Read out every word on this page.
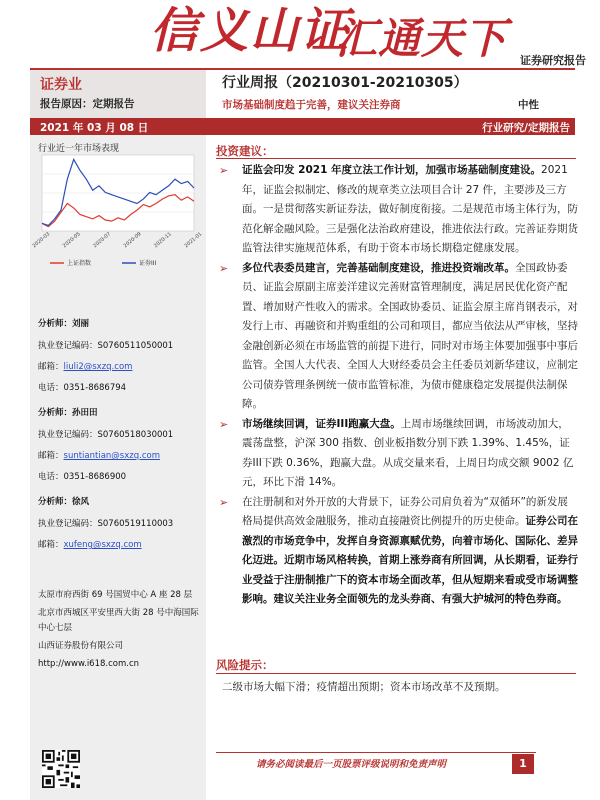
信义山证
汇通天下 证券研究报告
证券业
报告原因：定期报告
行业周报（20210301-20210305）
市场基础制度趋于完善，建议关注券商	中性
2021 年 03 月 08 日	行业研究/定期报告
行业近一年市场表现
2020-03 2020-05 2020-07 2020-09 2020-11 2021-01
上证指数	证券III
分析师：刘丽
执业登记编码：S0760511050001
邮箱：liuli2@sxzq.com
电话：0351-8686794
分析师：孙田田
执业登记编码：S0760518030001
邮箱：suntiantian@sxzq.com
电话：0351-8686900
分析师：徐风
执业登记编码：S0760519110003
邮箱：xufeng@sxzq.com

太原市府西街 69 号国贸中心 A 座 28 层

北京市西城区平安里西大街 28 号中海国际中心七层

山西证券股份有限公司

http://www.i618.com.cn

投资建议：
➢ 证监会印发 2021 年度立法工作计划，加强市场基础制度建设。2021 年，证监会拟制定、修改的规章类立法项目合计 27 件，主要涉及三方面。一是贯彻落实新证券法，做好制度衔接。二是规范市场主体行为，防范化解金融风险。三是强化法治政府建设，推进依法行政。完善证券期货监管法律实施规范体系，有助于资本市场长期稳定健康发展。
➢ 多位代表委员建言，完善基础制度建设，推进投资端改革。全国政协委员、证监会原副主席姜洋建议完善财富管理制度，满足居民优化资产配置、增加财产性收入的需求。全国政协委员、证监会原主席肖钢表示，对发行上市、再融资和并购重组的公司和项目，都应当依法从严审核，坚持金融创新必须在市场监管的前提下进行，同时对市场主体要加强事中事后监管。全国人大代表、全国人大财经委员会主任委员刘新华建议，应制定公司债券管理条例统一债市监管标准，为债市健康稳定发展提供法制保障。
➢ 市场继续回调，证券III跑赢大盘。上周市场继续回调，市场波动加大，震荡盘整，沪深 300 指数、创业板指数分别下跌 1.39%、1.45%，证券III下跌 0.36%，跑赢大盘。从成交量来看，上周日均成交额 9002 亿元，环比下滑 14%。
➢ 在注册制和对外开放的大背景下，证券公司肩负着为“双循环”的新发展格局提供高效金融服务，推动直接融资比例提升的历史使命。证券公司在激烈的市场竞争中，发挥自身资源禀赋优势，向着市场化、国际化、差异化迈进。近期市场风格转换，首期上涨券商有所回调，从长期看，证券行业受益于注册制推广下的资本市场全面改革，但从短期来看或受市场调整影响。建议关注业务全面领先的龙头券商、有强大护城河的特色券商。
风险提示：
二级市场大幅下滑；疫情超出预期；资本市场改革不及预期。
请务必阅读最后一页股票评级说明和免责声明	1
